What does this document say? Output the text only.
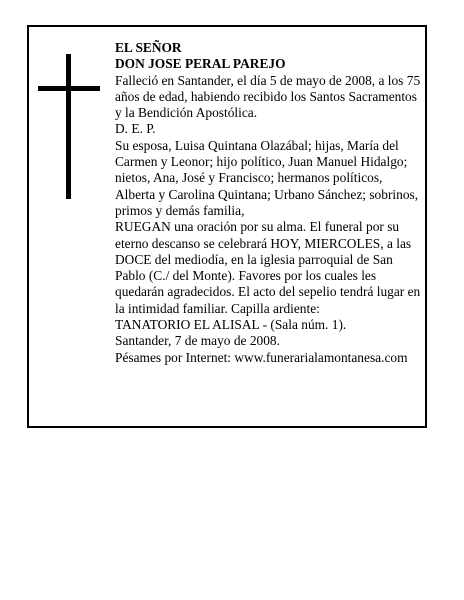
EL SEÑOR

DON JOSE PERAL PAREJO

Falleció en Santander, el día 5 de mayo de 2008, a los 75 años de edad, habiendo recibido los Santos Sacramentos y la Bendición Apostólica.

D. E. P.

Su esposa, Luisa Quintana Olazábal; hijas, María del Carmen y Leonor; hijo político, Juan Manuel Hidalgo; nietos, Ana, José y Francisco; hermanos políticos, Alberta y Carolina Quintana; Urbano Sánchez; sobrinos, primos y demás familia,

RUEGAN una oración por su alma. El funeral por su eterno descanso se celebrará HOY, MIERCOLES, a las DOCE del mediodía, en la iglesia parroquial de San Pablo (C./ del Monte). Favores por los cuales les quedarán agradecidos. El acto del sepelio tendrá lugar en la intimidad familiar. Capilla ardiente:

TANATORIO EL ALISAL - (Sala núm. 1).

Santander, 7 de mayo de 2008.

Pésames por Internet: www.funerarialamontanesa.com
